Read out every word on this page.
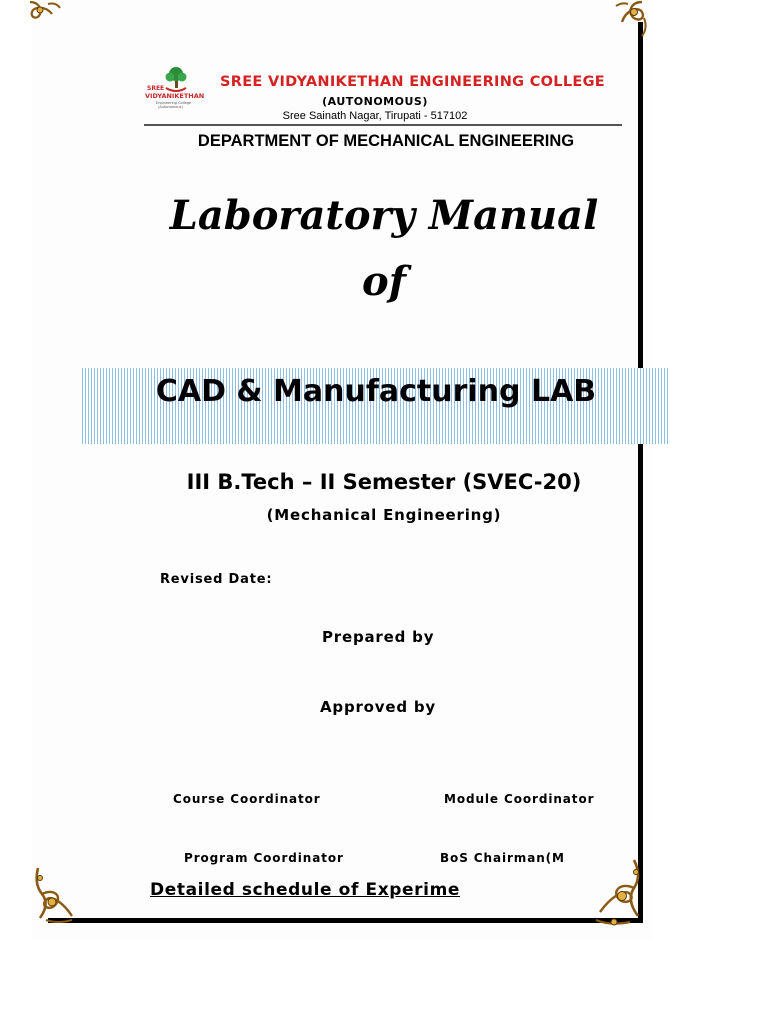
SREE
VIDYANIKETHAN
Engineering College
(Autonomous)
SREE VIDYANIKETHAN ENGINEERING COLLEGE
(AUTONOMOUS)
Sree Sainath Nagar, Tirupati - 517102
DEPARTMENT OF MECHANICAL ENGINEERING
Laboratory Manual
of
CAD & Manufacturing LAB
III B.Tech – II Semester (SVEC-20)
(Mechanical Engineering)
Revised Date:
Prepared by
Approved by
Course Coordinator	Module Coordinator
Program Coordinator	BoS Chairman(M
Detailed schedule of Experime
